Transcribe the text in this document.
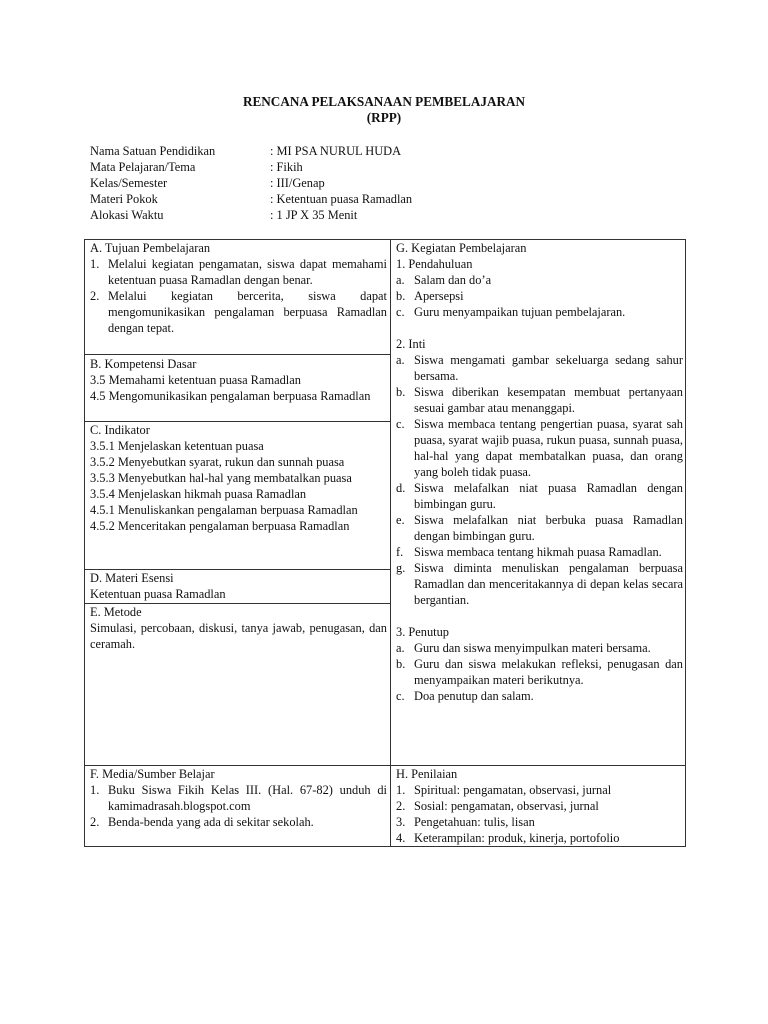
RENCANA PELAKSANAAN PEMBELAJARAN
(RPP)
Nama Satuan Pendidikan	: MI PSA NURUL HUDA
Mata Pelajaran/Tema	: Fikih
Kelas/Semester	: III/Genap
Materi Pokok	: Ketentuan puasa Ramadlan
Alokasi Waktu	: 1 JP X 35 Menit
A. Tujuan Pembelajaran
1. Melalui kegiatan pengamatan, siswa dapat memahami ketentuan puasa Ramadlan dengan benar.
2. Melalui kegiatan bercerita, siswa dapat mengomunikasikan pengalaman berpuasa Ramadlan dengan tepat.
B. Kompetensi Dasar
3.5 Memahami ketentuan puasa Ramadlan
4.5 Mengomunikasikan pengalaman berpuasa Ramadlan
C. Indikator
3.5.1 Menjelaskan ketentuan puasa
3.5.2 Menyebutkan syarat, rukun dan sunnah puasa
3.5.3 Menyebutkan hal-hal yang membatalkan puasa
3.5.4 Menjelaskan hikmah puasa Ramadlan
4.5.1 Menuliskankan pengalaman berpuasa Ramadlan
4.5.2 Menceritakan pengalaman berpuasa Ramadlan
D. Materi Esensi
Ketentuan puasa Ramadlan
E. Metode
Simulasi, percobaan, diskusi, tanya jawab, penugasan, dan ceramah.
F. Media/Sumber Belajar
1. Buku Siswa Fikih Kelas III. (Hal. 67-82) unduh di kamimadrasah.blogspot.com
2. Benda-benda yang ada di sekitar sekolah.
G. Kegiatan Pembelajaran
1. Pendahuluan
a. Salam dan do’a
b. Apersepsi
c. Guru menyampaikan tujuan pembelajaran.
2. Inti
a. Siswa mengamati gambar sekeluarga sedang sahur bersama.
b. Siswa diberikan kesempatan membuat pertanyaan sesuai gambar atau menanggapi.
c. Siswa membaca tentang pengertian puasa, syarat sah puasa, syarat wajib puasa, rukun puasa, sunnah puasa, hal-hal yang dapat membatalkan puasa, dan orang yang boleh tidak puasa.
d. Siswa melafalkan niat puasa Ramadlan dengan bimbingan guru.
e. Siswa melafalkan niat berbuka puasa Ramadlan dengan bimbingan guru.
f. Siswa membaca tentang hikmah puasa Ramadlan.
g. Siswa diminta menuliskan pengalaman berpuasa Ramadlan dan menceritakannya di depan kelas secara bergantian.
3. Penutup
a. Guru dan siswa menyimpulkan materi bersama.
b. Guru dan siswa melakukan refleksi, penugasan dan menyampaikan materi berikutnya.
c. Doa penutup dan salam.
H. Penilaian
1. Spiritual: pengamatan, observasi, jurnal
2. Sosial: pengamatan, observasi, jurnal
3. Pengetahuan: tulis, lisan
4. Keterampilan: produk, kinerja, portofolio
